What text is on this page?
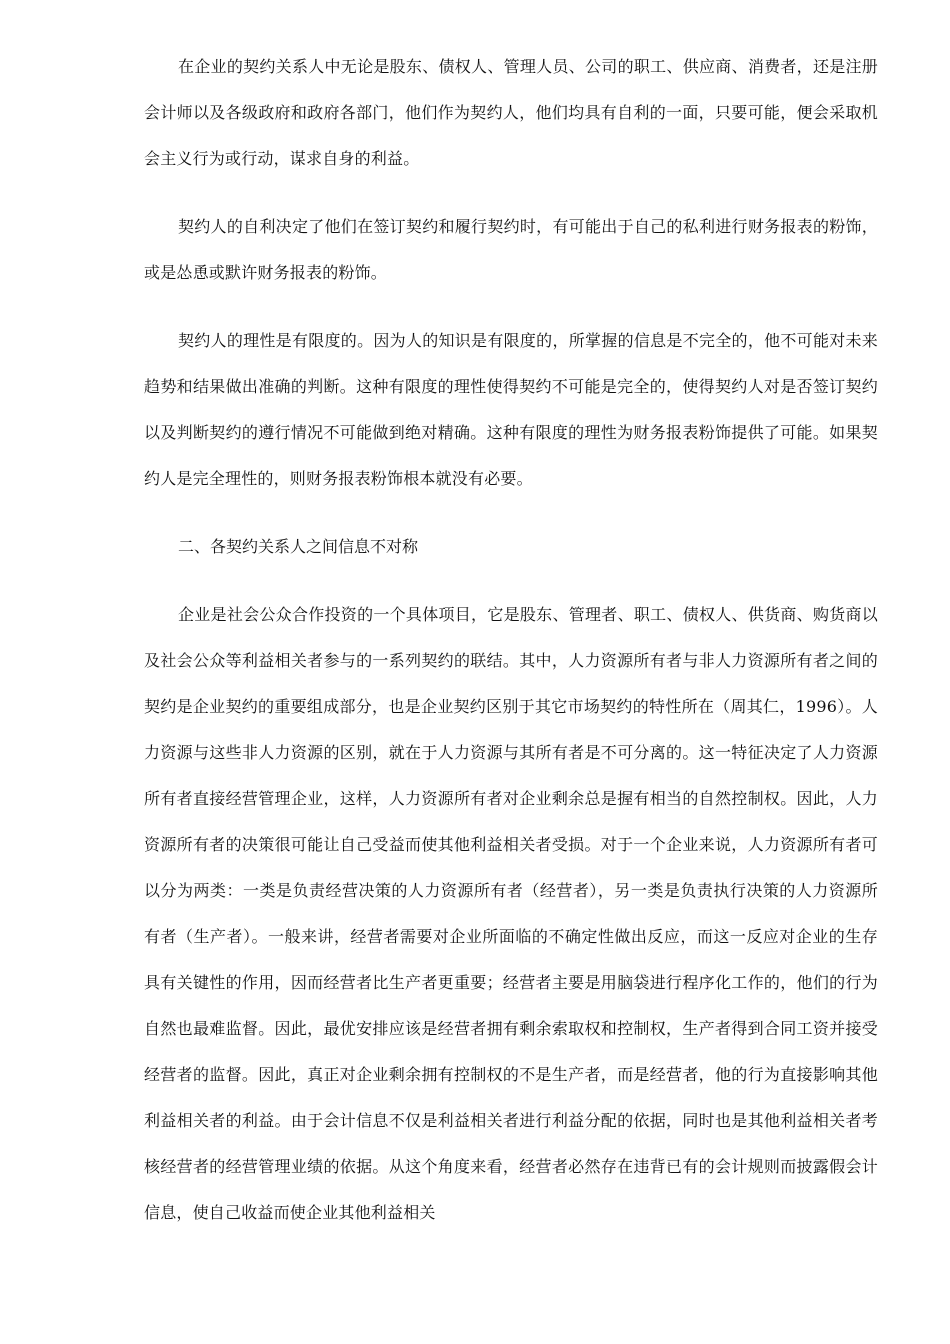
在企业的契约关系人中无论是股东、债权人、管理人员、公司的职工、供应商、消费者，还是注册会计师以及各级政府和政府各部门，他们作为契约人，他们均具有自利的一面，只要可能，便会采取机会主义行为或行动，谋求自身的利益。

契约人的自利决定了他们在签订契约和履行契约时，有可能出于自己的私利进行财务报表的粉饰，或是怂恿或默许财务报表的粉饰。

契约人的理性是有限度的。因为人的知识是有限度的，所掌握的信息是不完全的，他不可能对未来趋势和结果做出准确的判断。这种有限度的理性使得契约不可能是完全的，使得契约人对是否签订契约以及判断契约的遵行情况不可能做到绝对精确。这种有限度的理性为财务报表粉饰提供了可能。如果契约人是完全理性的，则财务报表粉饰根本就没有必要。

二、各契约关系人之间信息不对称

企业是社会公众合作投资的一个具体项目，它是股东、管理者、职工、债权人、供货商、购货商以及社会公众等利益相关者参与的一系列契约的联结。其中，人力资源所有者与非人力资源所有者之间的契约是企业契约的重要组成部分，也是企业契约区别于其它市场契约的特性所在（周其仁，1996）。人力资源与这些非人力资源的区别，就在于人力资源与其所有者是不可分离的。这一特征决定了人力资源所有者直接经营管理企业，这样，人力资源所有者对企业剩余总是握有相当的自然控制权。因此，人力资源所有者的决策很可能让自己受益而使其他利益相关者受损。对于一个企业来说，人力资源所有者可以分为两类：一类是负责经营决策的人力资源所有者（经营者），另一类是负责执行决策的人力资源所有者（生产者）。一般来讲，经营者需要对企业所面临的不确定性做出反应，而这一反应对企业的生存具有关键性的作用，因而经营者比生产者更重要；经营者主要是用脑袋进行程序化工作的，他们的行为自然也最难监督。因此，最优安排应该是经营者拥有剩余索取权和控制权，生产者得到合同工资并接受经营者的监督。因此，真正对企业剩余拥有控制权的不是生产者，而是经营者，他的行为直接影响其他利益相关者的利益。由于会计信息不仅是利益相关者进行利益分配的依据，同时也是其他利益相关者考核经营者的经营管理业绩的依据。从这个角度来看，经营者必然存在违背已有的会计规则而披露假会计信息，使自己收益而使企业其他利益相关
